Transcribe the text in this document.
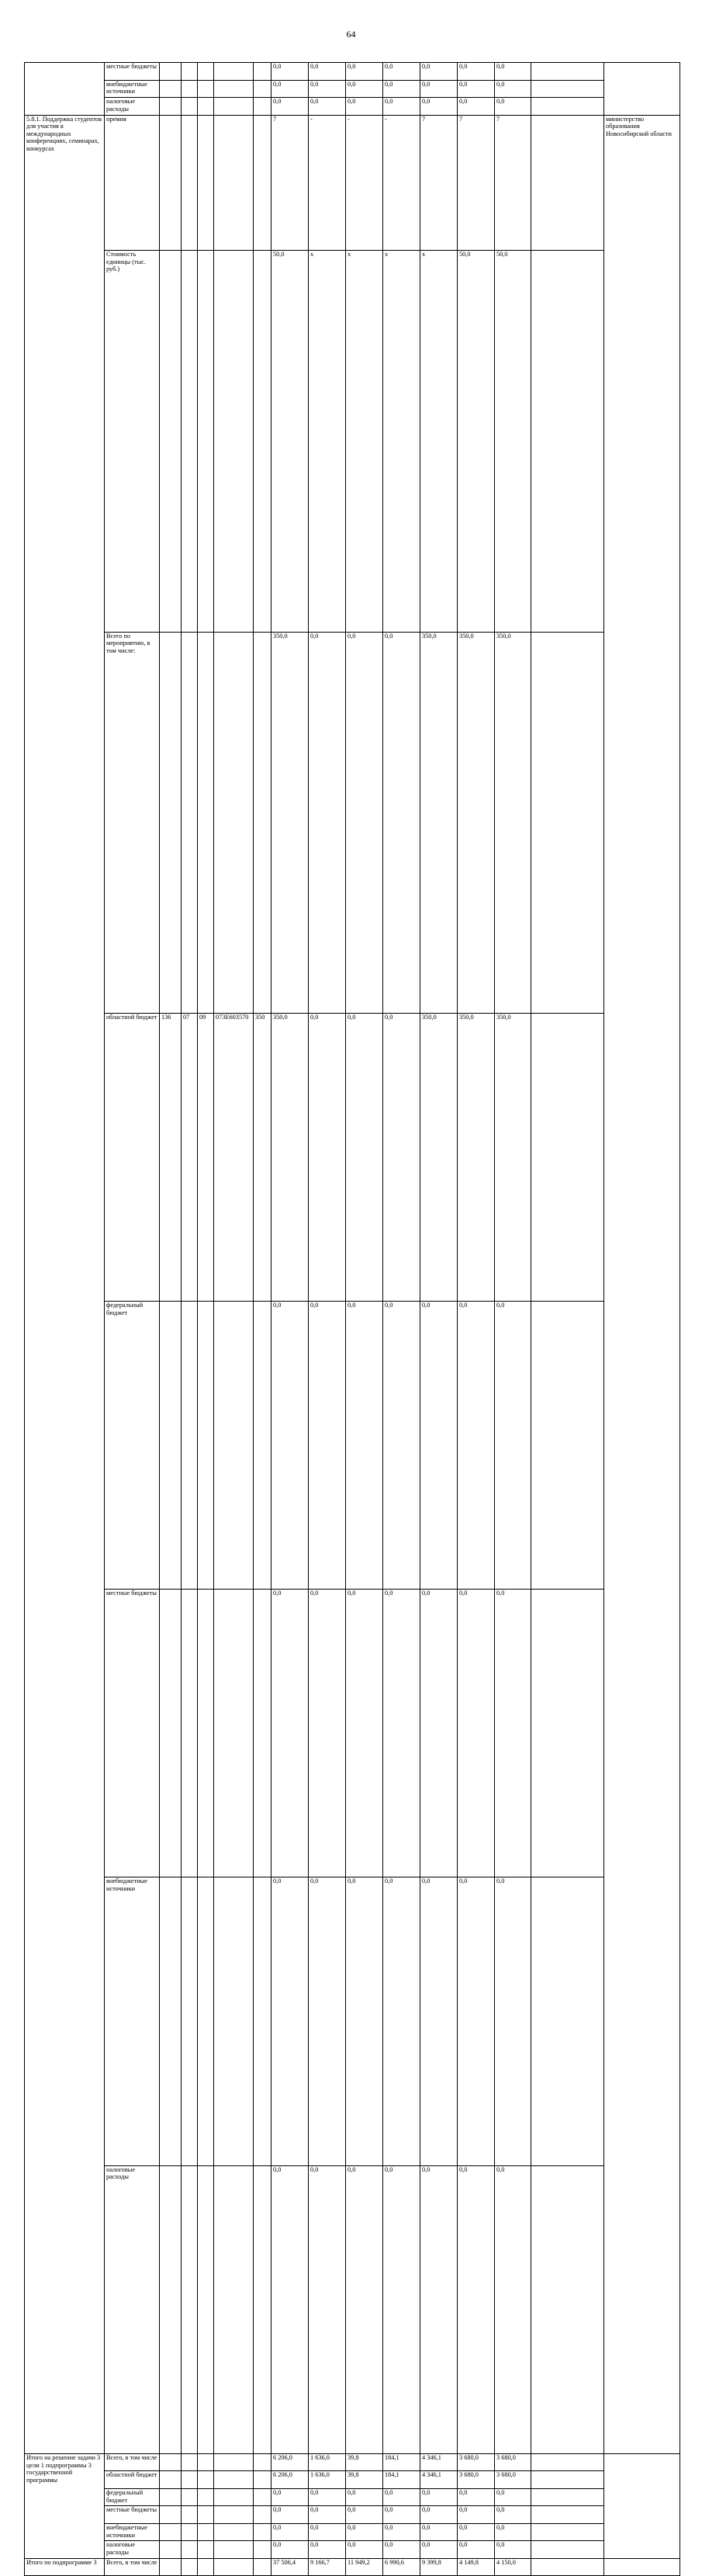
64
	местные бюджеты						0,0	0,0	0,0	0,0	0,0	0,0	0,0			
	внебюджетные источники						0,0	0,0	0,0	0,0	0,0	0,0	0,0			
	налоговые расходы						0,0	0,0	0,0	0,0	0,0	0,0	0,0			
5.8.1. Поддержка студентов для участия в международных конференциях, семинарах, конкурсах	премия						7	-	-	-	7	7	7		министерство образования Новосибирской области	
	Стоимость единицы (тыс. руб.)						50,0	х	х	х	х	50,0	50,0			
	Всего по мероприятию, в том числе:						350,0	0,0	0,0	0,0	350,0	350,0	350,0			
	областной бюджет	136	07	09	073Е603570	350	350,0	0,0	0,0	0,0	350,0	350,0	350,0			
	федеральный бюджет						0,0	0,0	0,0	0,0	0,0	0,0	0,0			
	местные бюджеты						0,0	0,0	0,0	0,0	0,0	0,0	0,0			
	внебюджетные источники						0,0	0,0	0,0	0,0	0,0	0,0	0,0			
	налоговые расходы						0,0	0,0	0,0	0,0	0,0	0,0	0,0			
Итого на решение задачи 3 цели 1 подпрограммы 3 государственной программы	Всего, в том числе						6 206,0	1 636,0	39,8	184,1	4 346,1	3 680,0	3 680,0			
	областной бюджет						6 206,0	1 636,0	39,8	184,1	4 346,1	3 680,0	3 680,0			
	федеральный бюджет						0,0	0,0	0,0	0,0	0,0	0,0	0,0			
	местные бюджеты						0,0	0,0	0,0	0,0	0,0	0,0	0,0			
	внебюджетные источники						0,0	0,0	0,0	0,0	0,0	0,0	0,0			
	налоговые расходы						0,0	0,0	0,0	0,0	0,0	0,0	0,0			
Итого по подпрограмме 3	Всего, в том числе						37 506,4	9 166,7	11 949,2	6 990,6	9 399,8	4 149,8	4 150,0			
